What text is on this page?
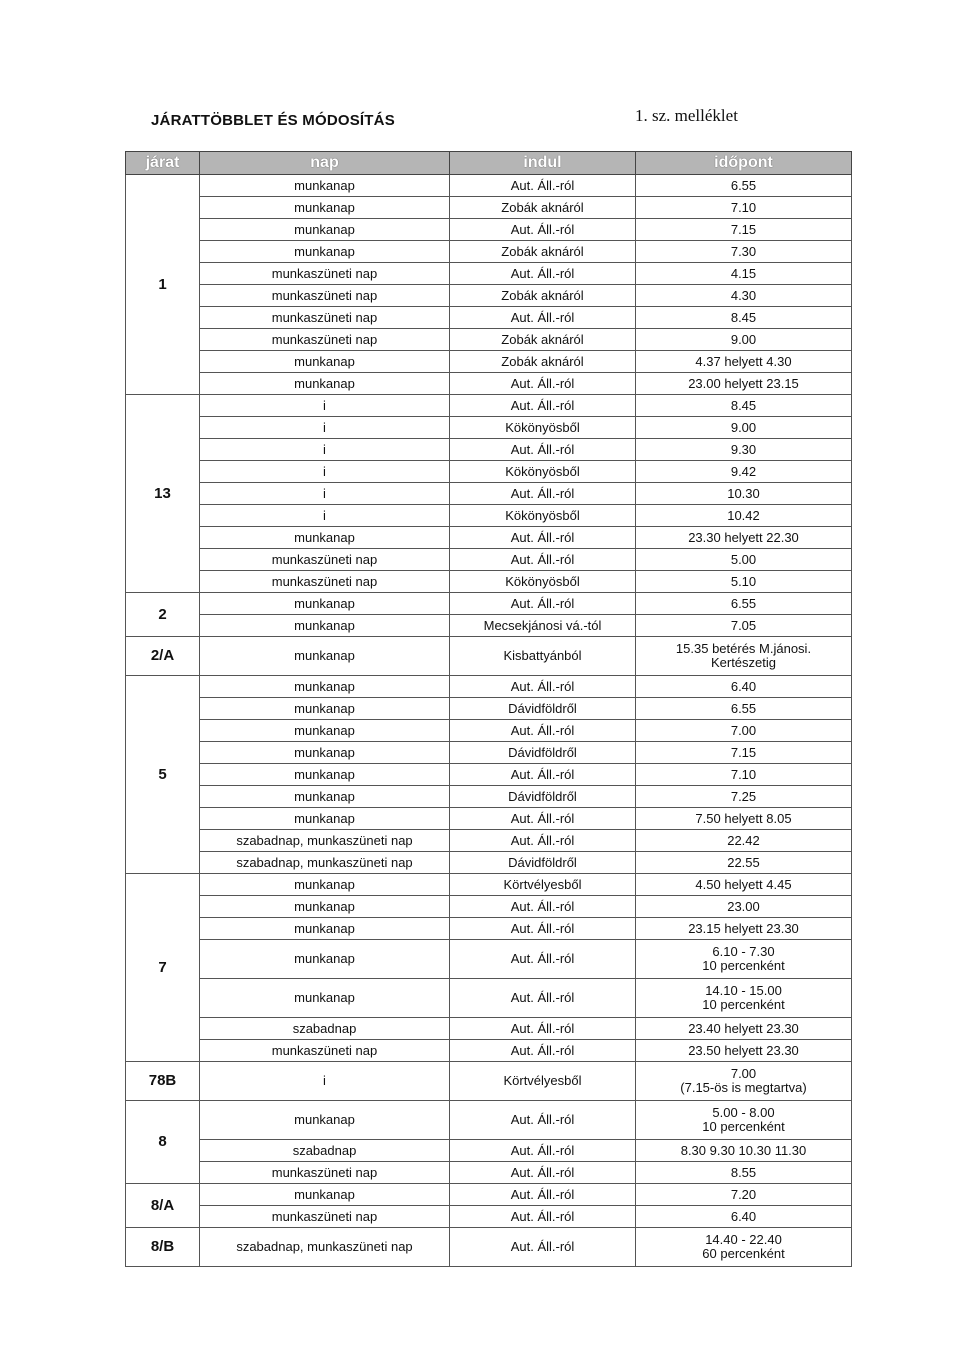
JÁRATTÖBBLET ÉS MÓDOSÍTÁS	1. sz. melléklet
járat	nap	indul	időpont
1	munkanap	Aut. Áll.-ról	6.55

	munkanap	Zobák aknáról	7.10

	munkanap	Aut. Áll.-ról	7.15

	munkanap	Zobák aknáról	7.30

	munkaszüneti nap	Aut. Áll.-ról	4.15

	munkaszüneti nap	Zobák aknáról	4.30

	munkaszüneti nap	Aut. Áll.-ról	8.45

	munkaszüneti nap	Zobák aknáról	9.00

	munkanap	Zobák aknáról	4.37 helyett 4.30

	munkanap	Aut. Áll.-ról	23.00 helyett 23.15

13	i	Aut. Áll.-ról	8.45

	i	Kökönyösből	9.00

	i	Aut. Áll.-ról	9.30

	i	Kökönyösből	9.42

	i	Aut. Áll.-ról	10.30

	i	Kökönyösből	10.42

	munkanap	Aut. Áll.-ról	23.30 helyett 22.30

	munkaszüneti nap	Aut. Áll.-ról	5.00

	munkaszüneti nap	Kökönyösből	5.10

2	munkanap	Aut. Áll.-ról	6.55

	munkanap	Mecsekjánosi vá.-tól	7.05

2/A	munkanap	Kisbattyánból	15.35 betérés M.jánosi.
Kertészetig

5	munkanap	Aut. Áll.-ról	6.40

	munkanap	Dávidföldről	6.55

	munkanap	Aut. Áll.-ról	7.00

	munkanap	Dávidföldről	7.15

	munkanap	Aut. Áll.-ról	7.10

	munkanap	Dávidföldről	7.25

	munkanap	Aut. Áll.-ról	7.50 helyett 8.05

	szabadnap, munkaszüneti nap	Aut. Áll.-ról	22.42

	szabadnap, munkaszüneti nap	Dávidföldről	22.55

7	munkanap	Körtvélyesből	4.50 helyett 4.45

	munkanap	Aut. Áll.-ról	23.00

	munkanap	Aut. Áll.-ról	23.15 helyett 23.30

	munkanap	Aut. Áll.-ról	6.10 - 7.30
10 percenként

	munkanap	Aut. Áll.-ról	14.10 - 15.00
10 percenként

	szabadnap	Aut. Áll.-ról	23.40 helyett 23.30

	munkaszüneti nap	Aut. Áll.-ról	23.50 helyett 23.30

78B	i	Körtvélyesből	7.00
(7.15-ös is megtartva)

8	munkanap	Aut. Áll.-ról	5.00 - 8.00
10 percenként

	szabadnap	Aut. Áll.-ról	8.30 9.30 10.30 11.30

	munkaszüneti nap	Aut. Áll.-ról	8.55

8/A	munkanap	Aut. Áll.-ról	7.20

	munkaszüneti nap	Aut. Áll.-ról	6.40

8/B	szabadnap, munkaszüneti nap	Aut. Áll.-ról	14.40 - 22.40
60 percenként
